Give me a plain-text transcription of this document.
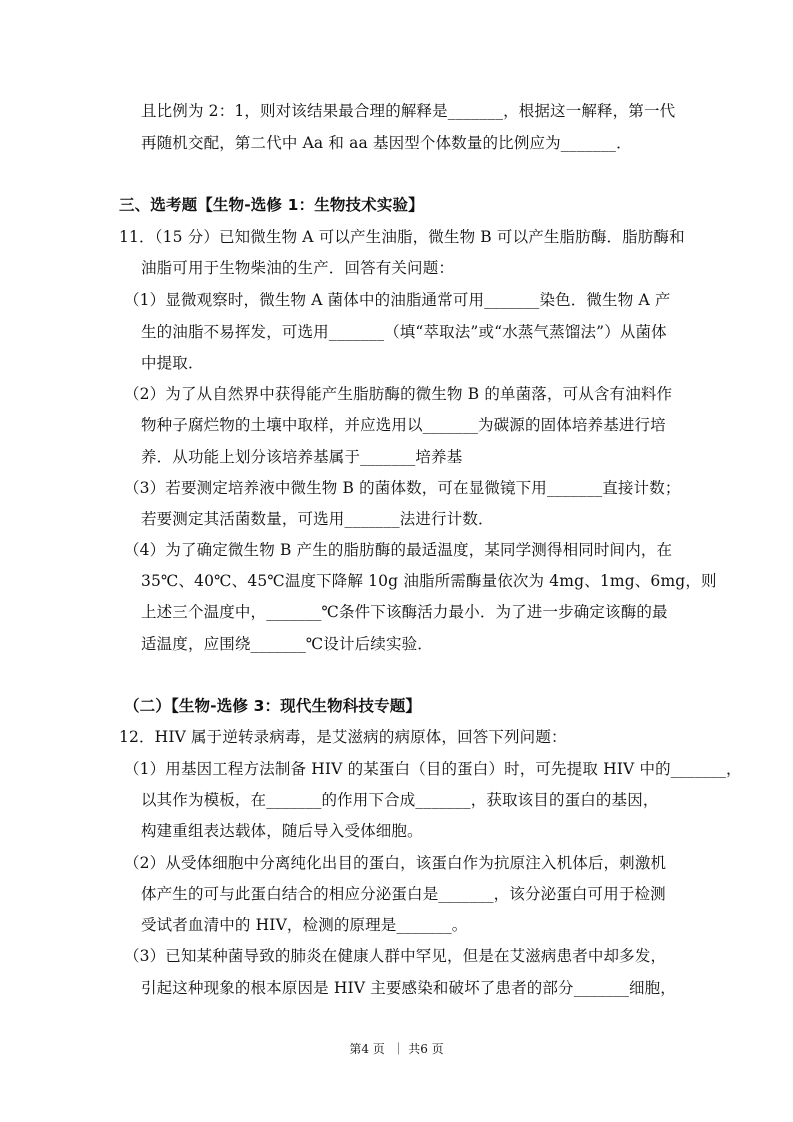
且比例为 2：1，则对该结果最合理的解释是_______，根据这一解释，第一代
再随机交配，第二代中 Aa 和 aa 基因型个体数量的比例应为_______．
三、选考题【生物-选修 1：生物技术实验】
11．（15 分）已知微生物 A 可以产生油脂，微生物 B 可以产生脂肪酶．脂肪酶和
油脂可用于生物柴油的生产．回答有关问题：
（1）显微观察时，微生物 A 菌体中的油脂通常可用_______染色．微生物 A 产
生的油脂不易挥发，可选用_______（填“萃取法”或“水蒸气蒸馏法”）从菌体
中提取．
（2）为了从自然界中获得能产生脂肪酶的微生物 B 的单菌落，可从含有油料作
物种子腐烂物的土壤中取样，并应选用以_______为碳源的固体培养基进行培
养．从功能上划分该培养基属于_______培养基
（3）若要测定培养液中微生物 B 的菌体数，可在显微镜下用_______直接计数；
若要测定其活菌数量，可选用_______法进行计数．
（4）为了确定微生物 B 产生的脂肪酶的最适温度，某同学测得相同时间内，在
35℃、40℃、45℃温度下降解 10g 油脂所需酶量依次为 4mg、1mg、6mg，则
上述三个温度中，_______℃条件下该酶活力最小．为了进一步确定该酶的最
适温度，应围绕_______℃设计后续实验．
（二）【生物-选修 3：现代生物科技专题】
12．HIV 属于逆转录病毒，是艾滋病的病原体，回答下列问题：
（1）用基因工程方法制备 HIV 的某蛋白（目的蛋白）时，可先提取 HIV 中的_______，
以其作为模板，在_______的作用下合成_______，获取该目的蛋白的基因，
构建重组表达载体，随后导入受体细胞。
（2）从受体细胞中分离纯化出目的蛋白，该蛋白作为抗原注入机体后，刺激机
体产生的可与此蛋白结合的相应分泌蛋白是_______，该分泌蛋白可用于检测
受试者血清中的 HIV，检测的原理是_______。
（3）已知某种菌导致的肺炎在健康人群中罕见，但是在艾滋病患者中却多发，
引起这种现象的根本原因是 HIV 主要感染和破坏了患者的部分_______细胞，
第4 页  ｜ 共6 页
